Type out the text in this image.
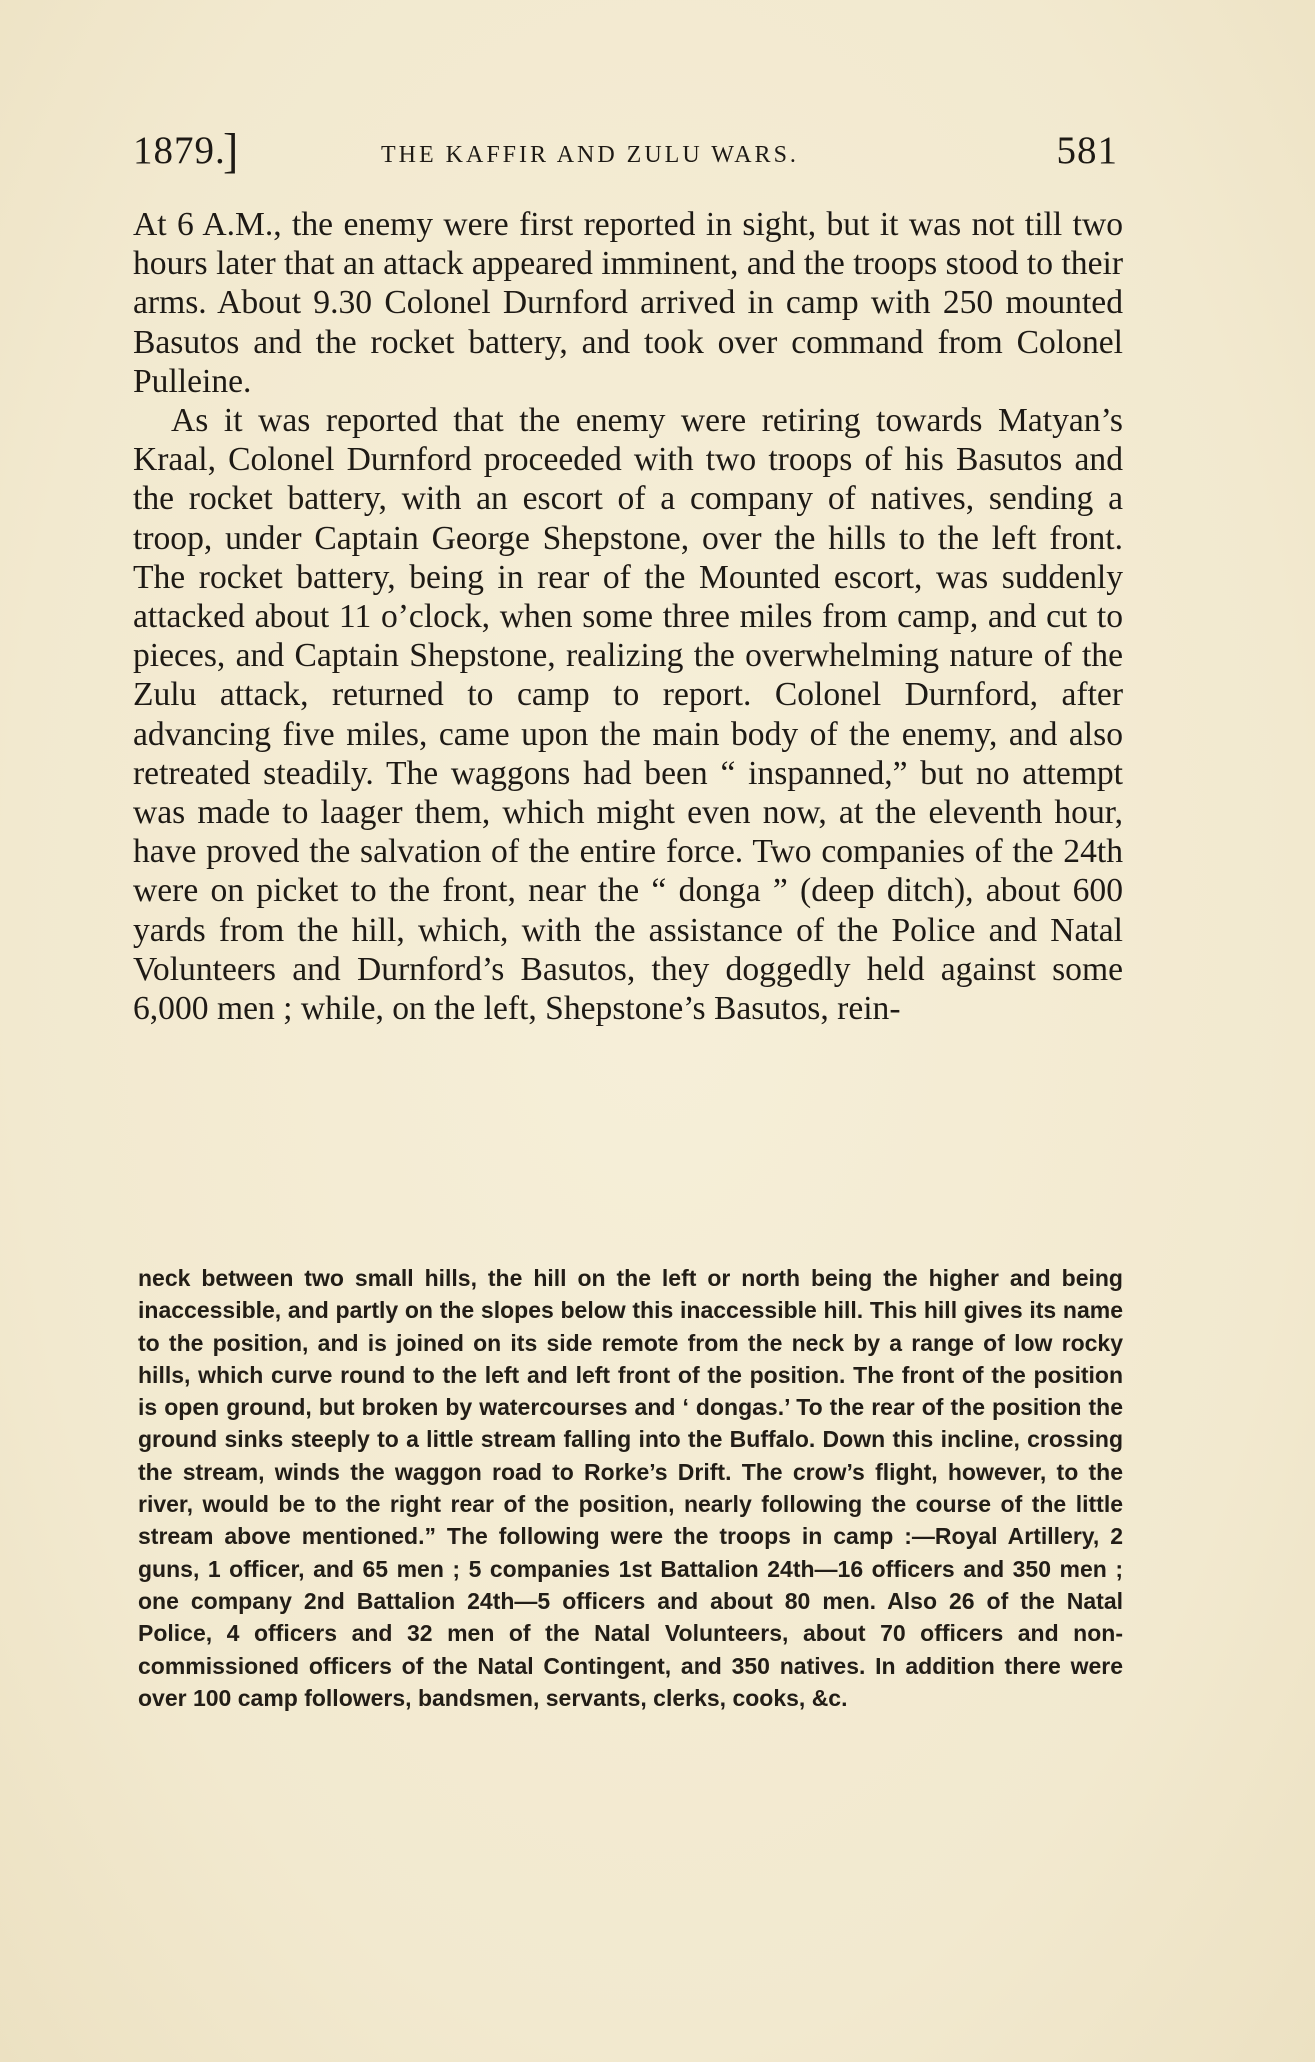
1879.
]	THE KAFFIR AND ZULU WARS.	581

At 6 A.M., the enemy were first reported in sight, but it was not till two hours later that an attack appeared imminent, and the troops stood to their arms. About 9.30 Colonel Durnford arrived in camp with 250 mounted Basutos and the rocket battery, and took over command from Colonel Pulleine.

As it was reported that the enemy were retiring towards Matyan’s Kraal, Colonel Durnford proceeded with two troops of his Basutos and the rocket battery, with an escort of a company of natives, sending a troop, under Captain George Shepstone, over the hills to the left front. The rocket battery, being in rear of the Mounted escort, was suddenly attacked about 11 o’clock, when some three miles from camp, and cut to pieces, and Captain Shepstone, realizing the overwhelming nature of the Zulu attack, returned to camp to report. Colonel Durnford, after advancing five miles, came upon the main body of the enemy, and also retreated steadily. The waggons had been “ inspanned,” but no attempt was made to laager them, which might even now, at the eleventh hour, have proved the salvation of the entire force. Two companies of the 24th were on picket to the front, near the “ donga ” (deep ditch), about 600 yards from the hill, which, with the assistance of the Police and Natal Volunteers and Durnford’s Basutos, they doggedly held against some 6,000 men ; while, on the left, Shepstone’s Basutos, rein-

neck between two small hills, the hill on the left or north being the higher and being inaccessible, and partly on the slopes below this inaccessible hill. This hill gives its name to the position, and is joined on its side remote from the neck by a range of low rocky hills, which curve round to the left and left front of the position. The front of the position is open ground, but broken by watercourses and ‘ dongas.’ To the rear of the position the ground sinks steeply to a little stream falling into the Buffalo. Down this incline, crossing the stream, winds the waggon road to Rorke’s Drift. The crow’s flight, however, to the river, would be to the right rear of the position, nearly following the course of the little stream above mentioned.” The following were the troops in camp :—Royal Artillery, 2 guns, 1 officer, and 65 men ; 5 companies 1st Battalion 24th—16 officers and 350 men ; one company 2nd Battalion 24th—5 officers and about 80 men. Also 26 of the Natal Police, 4 officers and 32 men of the Natal Volunteers, about 70 officers and non-commissioned officers of the Natal Contingent, and 350 natives. In addition there were over 100 camp followers, bandsmen, servants, clerks, cooks, &c.
